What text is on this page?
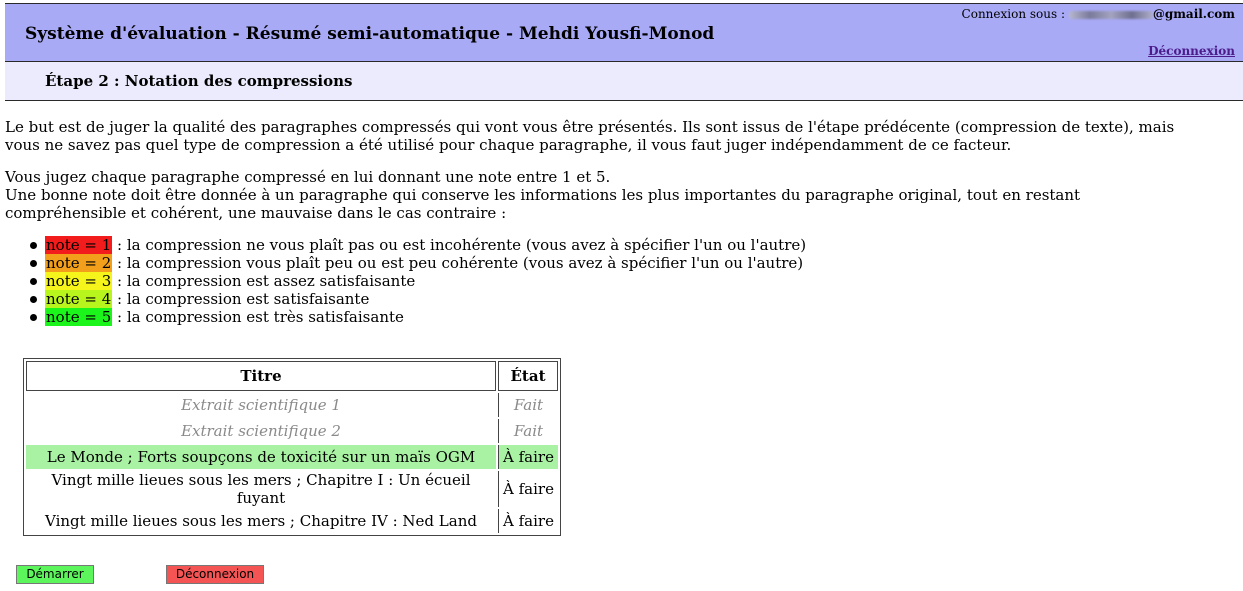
Système d'évaluation - Résumé semi-automatique - Mehdi Yousfi-Monod
Connexion sous :	@gmail.com
Déconnexion
Étape 2 : Notation des compressions

Le but est de juger la qualité des paragraphes compressés qui vont vous être présentés. Ils sont issus de l'étape prédécente (compression de texte), mais vous ne savez pas quel type de compression a été utilisé pour chaque paragraphe, il vous faut juger indépendamment de ce facteur.

Vous jugez chaque paragraphe compressé en lui donnant une note entre 1 et 5.
Une bonne note doit être donnée à un paragraphe qui conserve les informations les plus importantes du paragraphe original, tout en restant compréhensible et cohérent, une mauvaise dans le cas contraire :

note = 1 : la compression ne vous plaît pas ou est incohérente (vous avez à spécifier l'un ou l'autre)
note = 2 : la compression vous plaît peu ou est peu cohérente (vous avez à spécifier l'un ou l'autre)
note = 3 : la compression est assez satisfaisante
note = 4 : la compression est satisfaisante
note = 5 : la compression est très satisfaisante
Titre	État
Extrait scientifique 1	Fait
Extrait scientifique 2	Fait
Le Monde ; Forts soupçons de toxicité sur un maïs OGM	À faire
Vingt mille lieues sous les mers ; Chapitre I : Un écueil fuyant	À faire
Vingt mille lieues sous les mers ; Chapitre IV : Ned Land	À faire
Démarrer	Déconnexion
